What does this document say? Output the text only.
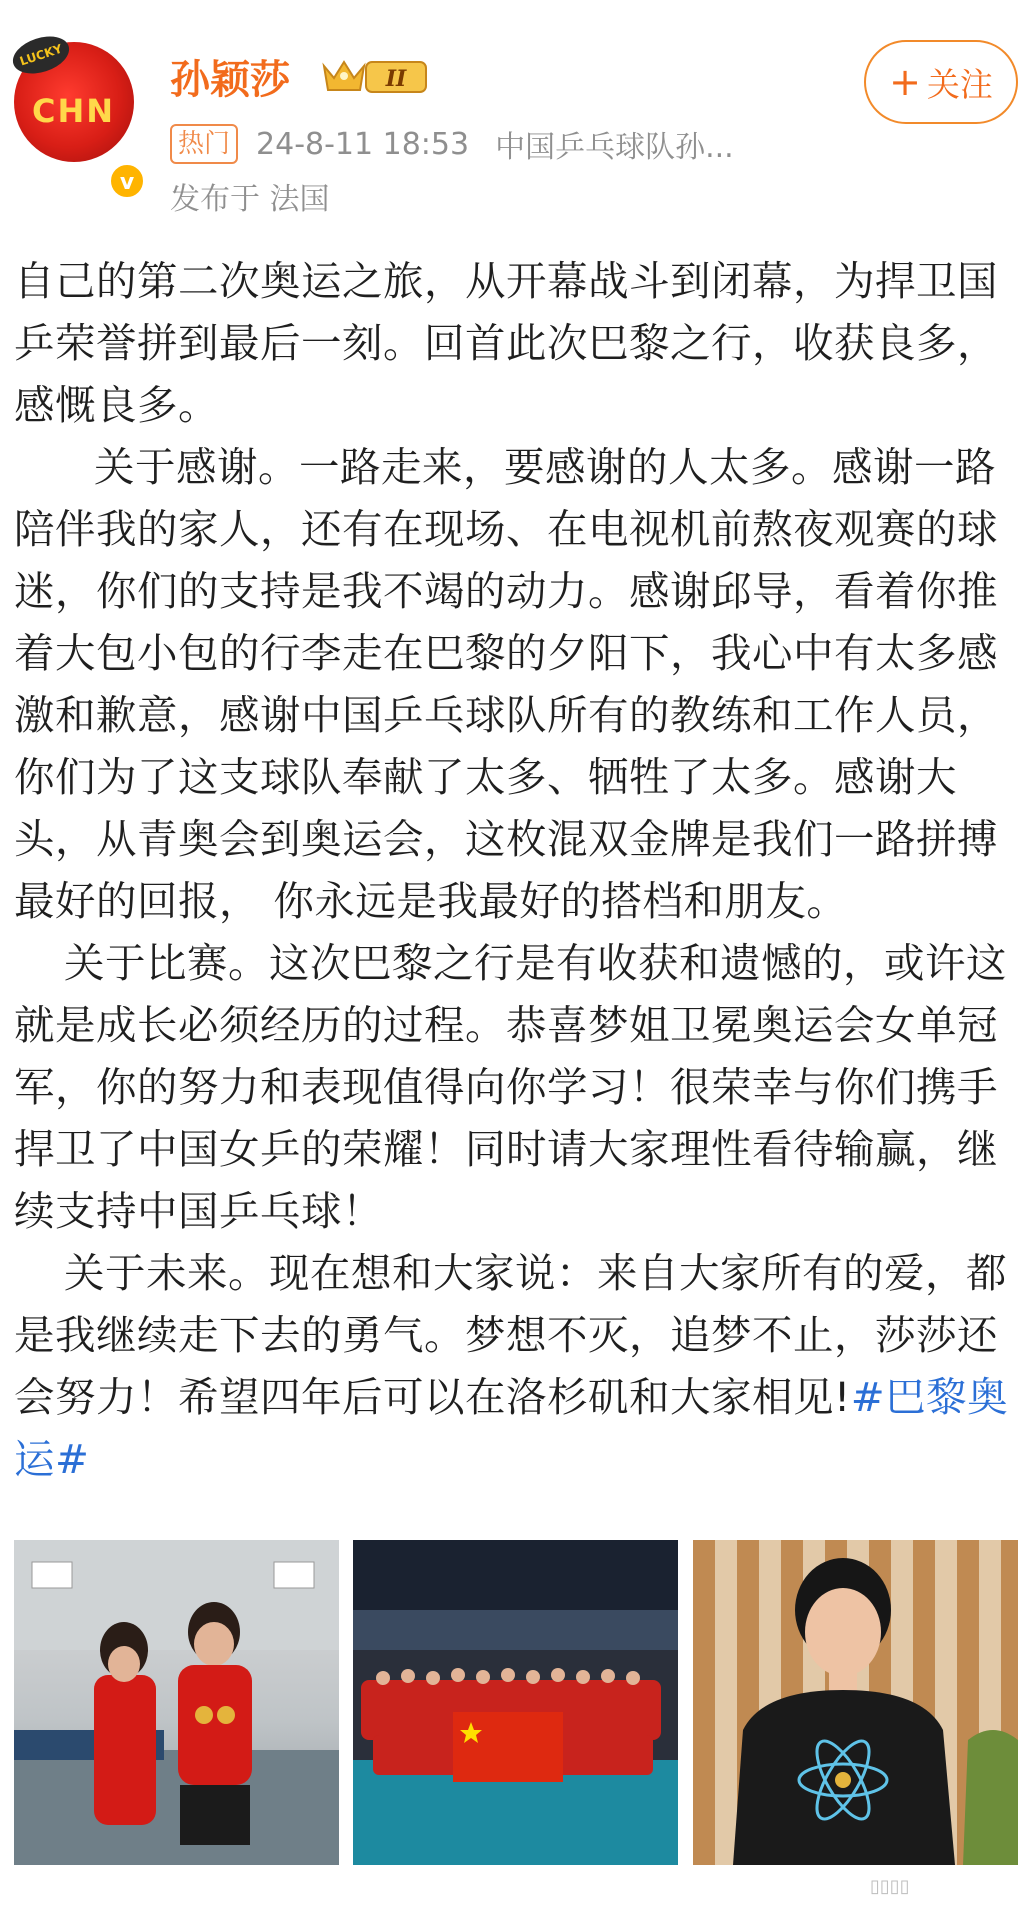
LUCKY
CHN
v
孙颖莎	II	+ 关注
热门 24-8-11 18:53 中国乒乓球队孙...
发布于 法国

自己的第二次奥运之旅，从开幕战斗到闭幕，为捍卫国乒荣誉拼到最后一刻。回首此次巴黎之行，收获良多，感慨良多。

关于感谢。一路走来，要感谢的人太多。感谢一路陪伴我的家人，还有在现场、在电视机前熬夜观赛的球迷，你们的支持是我不竭的动力。感谢邱导，看着你推着大包小包的行李走在巴黎的夕阳下，我心中有太多感激和歉意，感谢中国乒乓球队所有的教练和工作人员，你们为了这支球队奉献了太多、牺牲了太多。感谢大头，从青奥会到奥运会，这枚混双金牌是我们一路拼搏最好的回报， 你永远是我最好的搭档和朋友。

关于比赛。这次巴黎之行是有收获和遗憾的，或许这就是成长必须经历的过程。恭喜梦姐卫冕奥运会女单冠军，你的努力和表现值得向你学习！很荣幸与你们携手捍卫了中国女乒的荣耀！同时请大家理性看待输赢，继续支持中国乒乓球！

关于未来。现在想和大家说：来自大家所有的爱，都是我继续走下去的勇气。梦想不灭，追梦不止，莎莎还会努力！希望四年后可以在洛杉矶和大家相见!#巴黎奥运#

▯▯▯▯
